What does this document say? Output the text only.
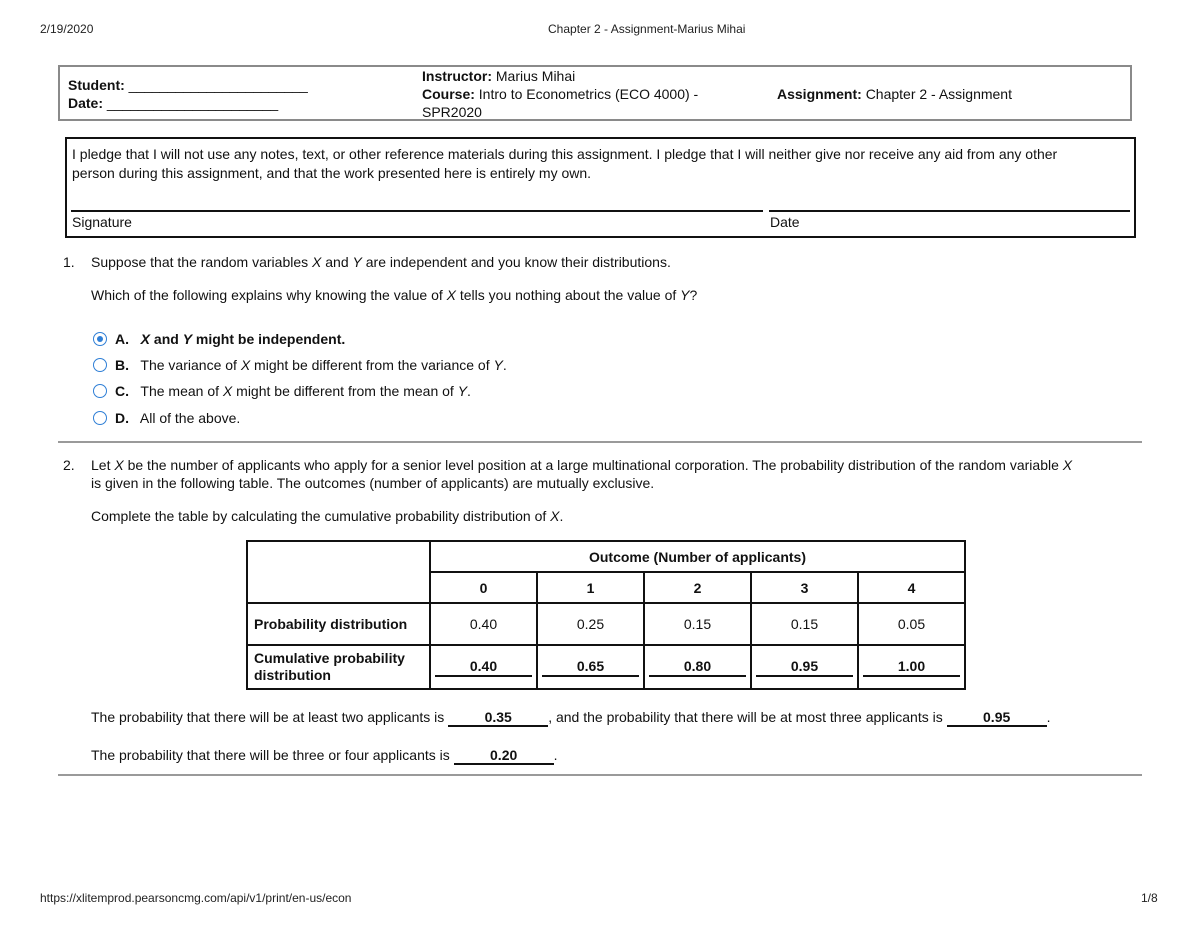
2/19/2020	Chapter 2 - Assignment-Marius Mihai
Student: _______________________
Date: ______________________
Instructor: Marius Mihai
Course: Intro to Econometrics (ECO 4000) -
SPR2020
Assignment: Chapter 2 - Assignment
I pledge that I will not use any notes, text, or other reference materials during this assignment. I pledge that I will neither give nor receive any aid from any other
person during this assignment, and that the work presented here is entirely my own.
Signature	Date
1. Suppose that the random variables X and Y are independent and you know their distributions.
Which of the following explains why knowing the value of X tells you nothing about the value of Y?
A. X and Y might be independent.
B. The variance of X might be different from the variance of Y.
C. The mean of X might be different from the mean of Y.
D. All of the above.
2. Let X be the number of applicants who apply for a senior level position at a large multinational corporation. The probability distribution of the random variable X
is given in the following table. The outcomes (number of applicants) are mutually exclusive.
Complete the table by calculating the cumulative probability distribution of X.
	Outcome (Number of applicants)				
	0	1	2	3	4
Probability distribution	0.40	0.25	0.15	0.15	0.05
Cumulative probability
distribution	0.40	0.65	0.80	0.95	1.00
The probability that there will be at least two applicants is	0.35	, and the probability that there will be at most three applicants is	0.95	.
The probability that there will be three or four applicants is	0.20	.
https://xlitemprod.pearsoncmg.com/api/v1/print/en-us/econ	1/8
